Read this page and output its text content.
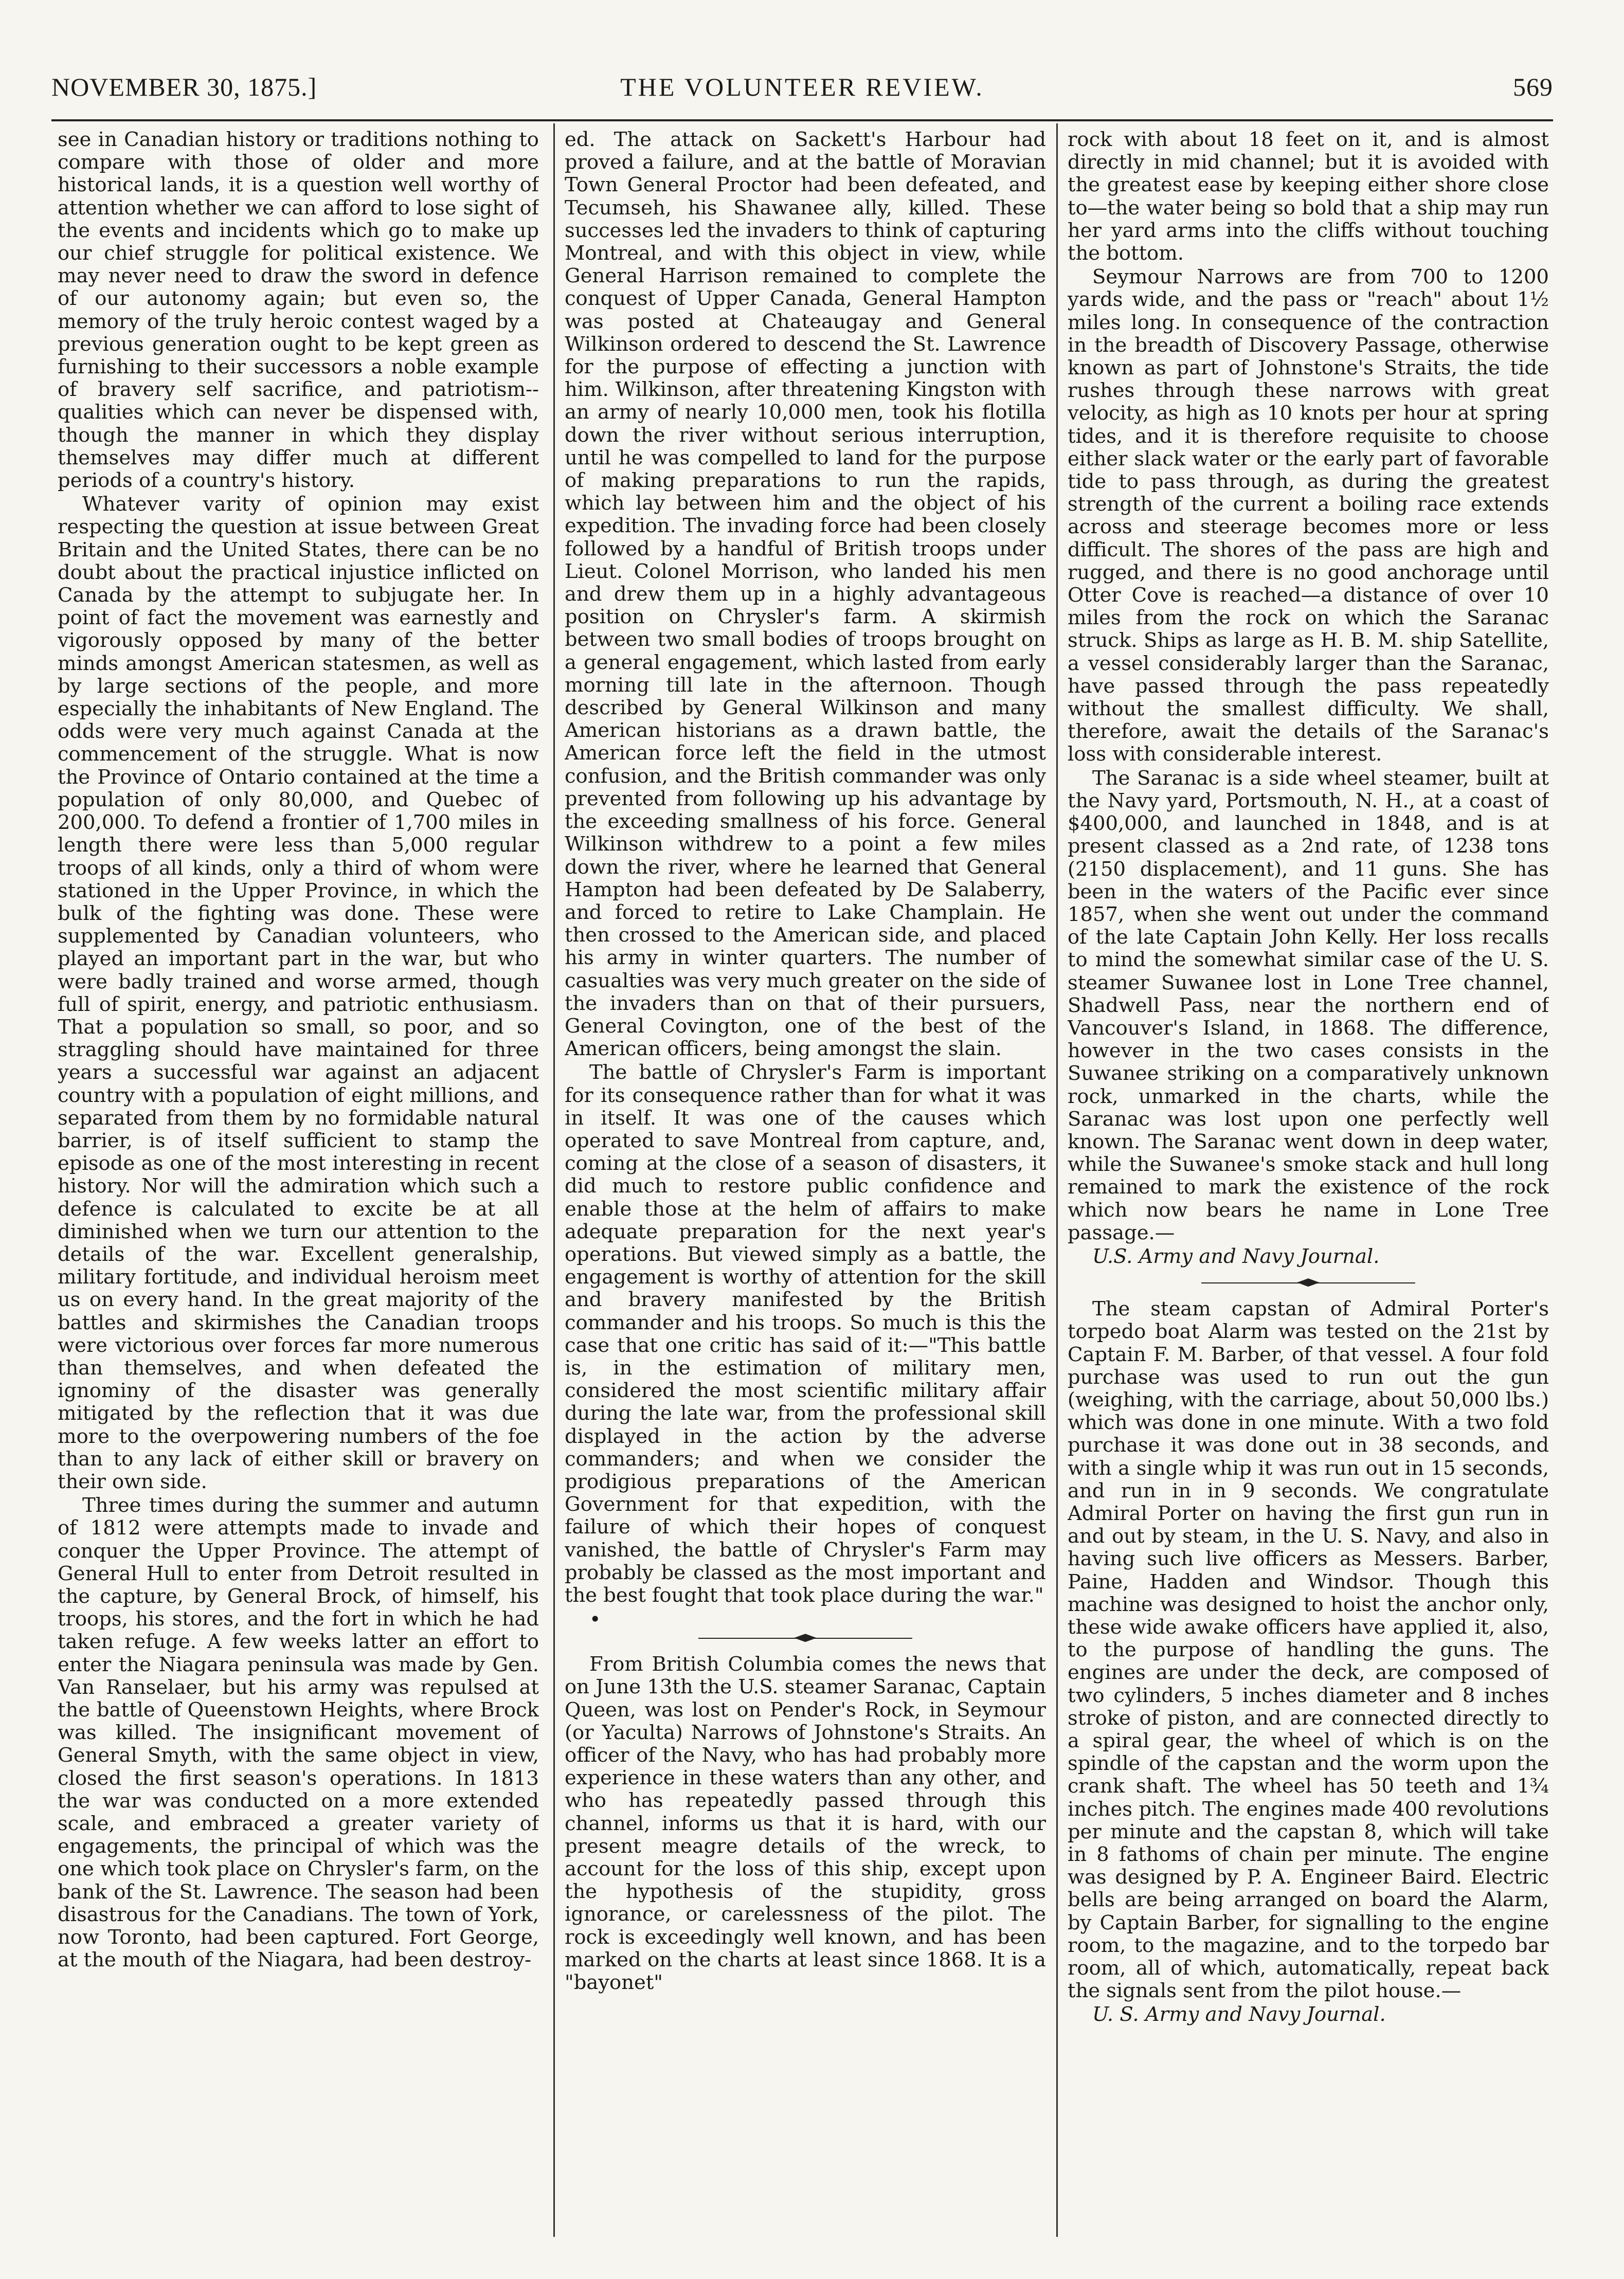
NOVEMBER 30, 1875.]	THE VOLUNTEER REVIEW.	569

see in Canadian history or traditions nothing to compare with those of older and more historical lands, it is a question well worthy of attention whether we can afford to lose sight of the events and incidents which go to make up our chief struggle for political existence. We may never need to draw the sword in defence of our autonomy again; but even so, the memory of the truly heroic contest waged by a previous generation ought to be kept green as furnishing to their successors a noble example of bravery self sacrifice, and patriotism--qualities which can never be dispensed with, though the manner in which they display themselves may differ much at different periods of a country's history.

Whatever varity of opinion may exist respecting the question at issue between Great Britain and the United States, there can be no doubt about the practical injustice inflicted on Canada by the attempt to subjugate her. In point of fact the movement was earnestly and vigorously opposed by many of the better minds amongst American statesmen, as well as by large sections of the people, and more especially the inhabitants of New England. The odds were very much against Canada at the commencement of the struggle. What is now the Province of Ontario contained at the time a population of only 80,000, and Quebec of 200,000. To defend a frontier of 1,700 miles in length there were less than 5,000 regular troops of all kinds, only a third of whom were stationed in the Upper Province, in which the bulk of the fighting was done. These were supplemented by Canadian volunteers, who played an important part in the war, but who were badly trained and worse armed, though full of spirit, energy, and patriotic enthusiasm. That a population so small, so poor, and so straggling should have maintained for three years a successful war against an adjacent country with a population of eight millions, and separated from them by no formidable natural barrier, is of itself sufficient to stamp the episode as one of the most interesting in recent history. Nor will the admiration which such a defence is calculated to excite be at all diminished when we turn our attention to the details of the war. Excellent generalship, military fortitude, and individual heroism meet us on every hand. In the great majority of the battles and skirmishes the Canadian troops were victorious over forces far more numerous than themselves, and when defeated the ignominy of the disaster was generally mitigated by the reflection that it was due more to the overpowering numbers of the foe than to any lack of either skill or bravery on their own side.

Three times during the summer and autumn of 1812 were attempts made to invade and conquer the Upper Province. The attempt of General Hull to enter from Detroit resulted in the capture, by General Brock, of himself, his troops, his stores, and the fort in which he had taken refuge. A few weeks latter an effort to enter the Niagara peninsula was made by Gen. Van Ranselaer, but his army was repulsed at the battle of Queenstown Heights, where Brock was killed. The insignificant movement of General Smyth, with the same object in view, closed the first season's operations. In 1813 the war was conducted on a more extended scale, and embraced a greater variety of engagements, the principal of which was the one which took place on Chrysler's farm, on the bank of the St. Lawrence. The season had been disastrous for the Canadians. The town of York, now Toronto, had been captured. Fort George, at the mouth of the Niagara, had been destroy-

ed. The attack on Sackett's Harbour had proved a failure, and at the battle of Moravian Town General Proctor had been defeated, and Tecumseh, his Shawanee ally, killed. These successes led the invaders to think of capturing Montreal, and with this object in view, while General Harrison remained to complete the conquest of Upper Canada, General Hampton was posted at Chateaugay and General Wilkinson ordered to descend the St. Lawrence for the purpose of effecting a junction with him. Wilkinson, after threatening Kingston with an army of nearly 10,000 men, took his flotilla down the river without serious interruption, until he was compelled to land for the purpose of making preparations to run the rapids, which lay between him and the object of his expedition. The invading force had been closely followed by a handful of British troops under Lieut. Colonel Morrison, who landed his men and drew them up in a highly advantageous position on Chrysler's farm. A skirmish between two small bodies of troops brought on a general engagement, which lasted from early morning till late in the afternoon. Though described by General Wilkinson and many American historians as a drawn battle, the American force left the field in the utmost confusion, and the British commander was only prevented from following up his advantage by the exceeding smallness of his force. General Wilkinson withdrew to a point a few miles down the river, where he learned that General Hampton had been defeated by De Salaberry, and forced to retire to Lake Champlain. He then crossed to the American side, and placed his army in winter quarters. The number of casualties was very much greater on the side of the invaders than on that of their pursuers, General Covington, one of the best of the American officers, being amongst the slain.

The battle of Chrysler's Farm is important for its consequence rather than for what it was in itself. It was one of the causes which operated to save Montreal from capture, and, coming at the close of a season of disasters, it did much to restore public confidence and enable those at the helm of affairs to make adequate preparation for the next year's operations. But viewed simply as a battle, the engagement is worthy of attention for the skill and bravery manifested by the British commander and his troops. So much is this the case that one critic has said of it:—"This battle is, in the estimation of military men, considered the most scientific military affair during the late war, from the professional skill displayed in the action by the adverse commanders; and when we consider the prodigious preparations of the American Government for that expedition, with the failure of which their hopes of conquest vanished, the battle of Chrysler's Farm may probably be classed as the most important and the best fought that took place during the war."

•

From British Columbia comes the news that on June 13th the U.S. steamer Saranac, Captain Queen, was lost on Pender's Rock, in Seymour (or Yaculta) Narrows of Johnstone's Straits. An officer of the Navy, who has had probably more experience in these waters than any other, and who has repeatedly passed through this channel, informs us that it is hard, with our present meagre details of the wreck, to account for the loss of this ship, except upon the hypothesis of the stupidity, gross ignorance, or carelessness of the pilot. The rock is exceedingly well known, and has been marked on the charts at least since 1868. It is a "bayonet"

rock with about 18 feet on it, and is almost directly in mid channel; but it is avoided with the greatest ease by keeping either shore close to—the water being so bold that a ship may run her yard arms into the cliffs without touching the bottom.

Seymour Narrows are from 700 to 1200 yards wide, and the pass or "reach" about 1½ miles long. In consequence of the contraction in the breadth of Discovery Passage, otherwise known as part of Johnstone's Straits, the tide rushes through these narrows with great velocity, as high as 10 knots per hour at spring tides, and it is therefore requisite to choose either slack water or the early part of favorable tide to pass through, as during the greatest strength of the current a boiling race extends across and steerage becomes more or less difficult. The shores of the pass are high and rugged, and there is no good anchorage until Otter Cove is reached—a distance of over 10 miles from the rock on which the Saranac struck. Ships as large as H. B. M. ship Satellite, a vessel considerably larger than the Saranac, have passed through the pass repeatedly without the smallest difficulty. We shall, therefore, await the details of the Saranac's loss with considerable interest.

The Saranac is a side wheel steamer, built at the Navy yard, Portsmouth, N. H., at a coast of $400,000, and launched in 1848, and is at present classed as a 2nd rate, of 1238 tons (2150 displacement), and 11 guns. She has been in the waters of the Pacific ever since 1857, when she went out under the command of the late Captain John Kelly. Her loss recalls to mind the somewhat similar case of the U. S. steamer Suwanee lost in Lone Tree channel, Shadwell Pass, near the northern end of Vancouver's Island, in 1868. The difference, however in the two cases consists in the Suwanee striking on a comparatively unknown rock, unmarked in the charts, while the Saranac was lost upon one perfectly well known. The Saranac went down in deep water, while the Suwanee's smoke stack and hull long remained to mark the existence of the rock which now bears he name in Lone Tree passage.—

U.S. Army and Navy Journal.

The steam capstan of Admiral Porter's torpedo boat Alarm was tested on the 21st by Captain F. M. Barber, of that vessel. A four fold purchase was used to run out the gun (weighing, with the carriage, about 50,000 lbs.) which was done in one minute. With a two fold purchase it was done out in 38 seconds, and with a single whip it was run out in 15 seconds, and run in in 9 seconds. We congratulate Admiral Porter on having the first gun run in and out by steam, in the U. S. Navy, and also in having such live officers as Messers. Barber, Paine, Hadden and Windsor. Though this machine was designed to hoist the anchor only, these wide awake officers have applied it, also, to the purpose of handling the guns. The engines are under the deck, are composed of two cylinders, 5 inches diameter and 8 inches stroke of piston, and are connected directly to a spiral gear, the wheel of which is on the spindle of the capstan and the worm upon the crank shaft. The wheel has 50 teeth and 1¾ inches pitch. The engines made 400 revolutions per minute and the capstan 8, which will take in 8 fathoms of chain per minute. The engine was designed by P. A. Engineer Baird. Electric bells are being arranged on board the Alarm, by Captain Barber, for signalling to the engine room, to the magazine, and to the torpedo bar room, all of which, automatically, repeat back the signals sent from the pilot house.—

U. S. Army and Navy Journal.
